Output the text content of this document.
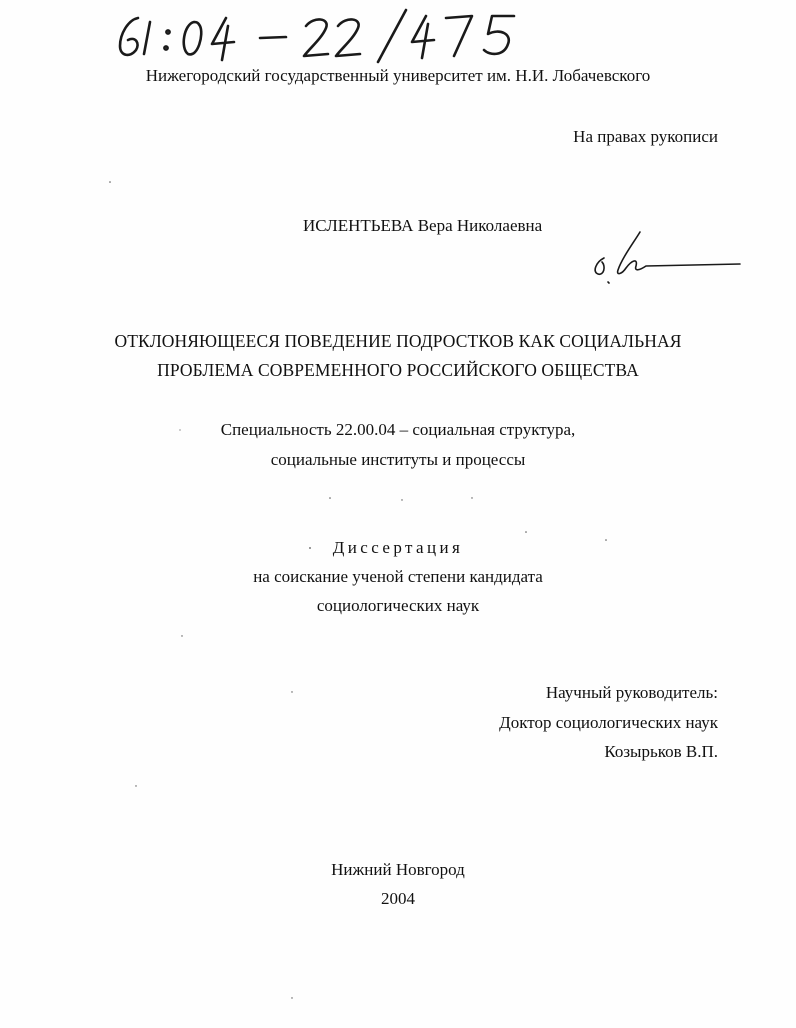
Нижегородский государственный университет им. Н.И. Лобачевского
На правах рукописи
ИСЛЕНТЬЕВА Вера Николаевна
ОТКЛОНЯЮЩЕЕСЯ ПОВЕДЕНИЕ ПОДРОСТКОВ КАК СОЦИАЛЬНАЯ
ПРОБЛЕМА СОВРЕМЕННОГО РОССИЙСКОГО ОБЩЕСТВА
Специальность 22.00.04 – социальная структура,
социальные институты и процессы
Диссертация
на соискание ученой степени кандидата
социологических наук
Научный руководитель:
Доктор социологических наук
Козырьков В.П.
Нижний Новгород
2004
